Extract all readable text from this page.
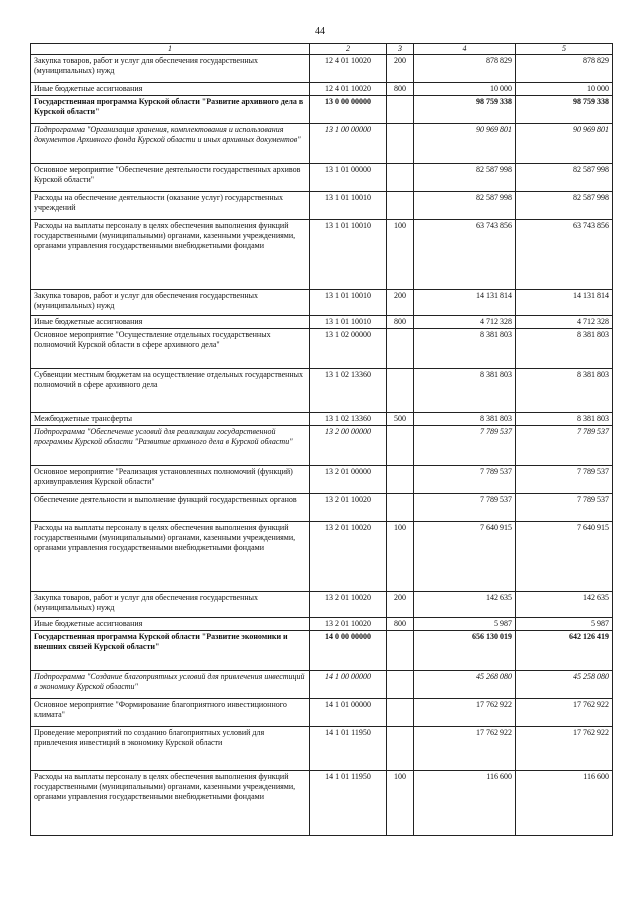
44
1	2	3	4	5
Закупка товаров, работ и услуг для обеспечения государственных (муниципальных) нужд	12 4 01 10020	200	878 829	878 829
Иные бюджетные ассигнования	12 4 01 10020	800	10 000	10 000
Государственная программа Курской области "Развитие архивного дела в Курской области"	13 0 00 00000		98 759 338	98 759 338
Подпрограмма "Организация хранения, комплектования и использования документов Архивного фонда Курской области и иных архивных документов"	13 1 00 00000		90 969 801	90 969 801
Основное мероприятие "Обеспечение деятельности государственных архивов Курской области"	13 1 01 00000		82 587 998	82 587 998
Расходы на обеспечение деятельности (оказание услуг) государственных учреждений	13 1 01 10010		82 587 998	82 587 998
Расходы на выплаты персоналу в целях обеспечения выполнения функций государственными (муниципальными) органами, казенными учреждениями, органами управления государственными внебюджетными фондами	13 1 01 10010	100	63 743 856	63 743 856
Закупка товаров, работ и услуг для обеспечения государственных (муниципальных) нужд	13 1 01 10010	200	14 131 814	14 131 814
Иные бюджетные ассигнования	13 1 01 10010	800	4 712 328	4 712 328
Основное мероприятие "Осуществление отдельных государственных полномочий Курской области в сфере архивного дела"	13 1 02 00000		8 381 803	8 381 803
Субвенции местным бюджетам на осуществление отдельных государственных полномочий в сфере архивного дела	13 1 02 13360		8 381 803	8 381 803
Межбюджетные трансферты	13 1 02 13360	500	8 381 803	8 381 803
Подпрограмма "Обеспечение условий для реализации государственной программы Курской области "Развитие архивного дела в Курской области"	13 2 00 00000		7 789 537	7 789 537
Основное мероприятие "Реализация установленных полномочий (функций) архивуправления Курской области"	13 2 01 00000		7 789 537	7 789 537
Обеспечение деятельности и выполнение функций государственных органов	13 2 01 10020		7 789 537	7 789 537
Расходы на выплаты персоналу в целях обеспечения выполнения функций государственными (муниципальными) органами, казенными учреждениями, органами управления государственными внебюджетными фондами	13 2 01 10020	100	7 640 915	7 640 915
Закупка товаров, работ и услуг для обеспечения государственных (муниципальных) нужд	13 2 01 10020	200	142 635	142 635
Иные бюджетные ассигнования	13 2 01 10020	800	5 987	5 987
Государственная программа Курской области "Развитие экономики и внешних связей Курской области"	14 0 00 00000		656 130 019	642 126 419
Подпрограмма "Создание благоприятных условий для привлечения инвестиций в экономику Курской области"	14 1 00 00000		45 268 080	45 258 080
Основное мероприятие "Формирование благоприятного инвестиционного климата"	14 1 01 00000		17 762 922	17 762 922
Проведение мероприятий по созданию благоприятных условий для привлечения инвестиций в экономику Курской области	14 1 01 11950		17 762 922	17 762 922
Расходы на выплаты персоналу в целях обеспечения выполнения функций государственными (муниципальными) органами, казенными учреждениями, органами управления государственными внебюджетными фондами	14 1 01 11950	100	116 600	116 600
